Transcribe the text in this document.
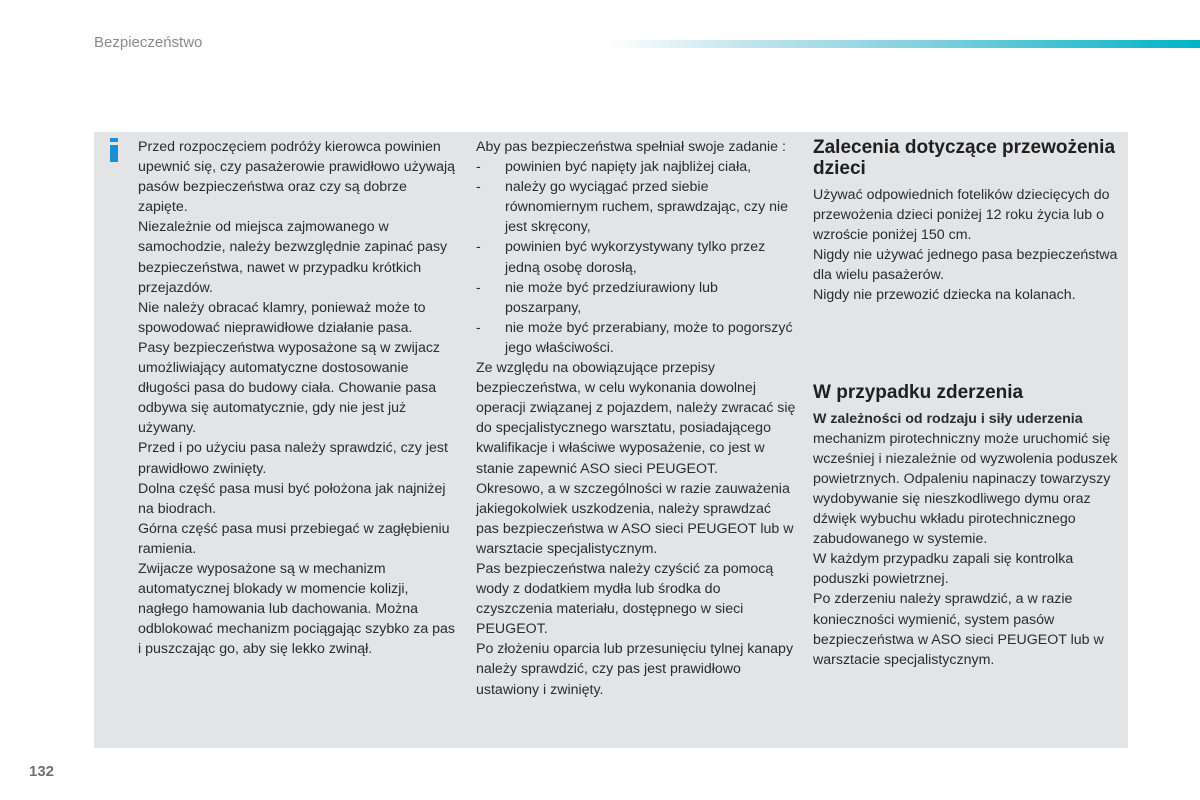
Bezpieczeństwo

Przed rozpoczęciem podróży kierowca powinien upewnić się, czy pasażerowie prawidłowo używają pasów bezpieczeństwa oraz czy są dobrze zapięte.

Niezależnie od miejsca zajmowanego w samochodzie, należy bezwzględnie zapinać pasy bezpieczeństwa, nawet w przypadku krótkich przejazdów.

Nie należy obracać klamry, ponieważ może to spowodować nieprawidłowe działanie pasa.

Pasy bezpieczeństwa wyposażone są w zwijacz umożliwiający automatyczne dostosowanie długości pasa do budowy ciała. Chowanie pasa odbywa się automatycznie, gdy nie jest już używany.

Przed i po użyciu pasa należy sprawdzić, czy jest prawidłowo zwinięty.

Dolna część pasa musi być położona jak najniżej na biodrach.

Górna część pasa musi przebiegać w zagłębieniu ramienia.

Zwijacze wyposażone są w mechanizm automatycznej blokady w momencie kolizji, nagłego hamowania lub dachowania. Można odblokować mechanizm pociągając szybko za pas i puszczając go, aby się lekko zwinął.

Aby pas bezpieczeństwa spełniał swoje zadanie :

- powinien być napięty jak najbliżej ciała,
- należy go wyciągać przed siebie równomiernym ruchem, sprawdzając, czy nie jest skręcony,
- powinien być wykorzystywany tylko przez jedną osobę dorosłą,
- nie może być przedziurawiony lub poszarpany,
- nie może być przerabiany, może to pogorszyć jego właściwości.

Ze względu na obowiązujące przepisy bezpieczeństwa, w celu wykonania dowolnej operacji związanej z pojazdem, należy zwracać się do specjalistycznego warsztatu, posiadającego kwalifikacje i właściwe wyposażenie, co jest w stanie zapewnić ASO sieci PEUGEOT.

Okresowo, a w szczególności w razie zauważenia jakiegokolwiek uszkodzenia, należy sprawdzać pas bezpieczeństwa w ASO sieci PEUGEOT lub w warsztacie specjalistycznym.

Pas bezpieczeństwa należy czyścić za pomocą wody z dodatkiem mydła lub środka do czyszczenia materiału, dostępnego w sieci PEUGEOT.

Po złożeniu oparcia lub przesunięciu tylnej kanapy należy sprawdzić, czy pas jest prawidłowo ustawiony i zwinięty.

Zalecenia dotyczące przewożenia dzieci

Używać odpowiednich fotelików dziecięcych do przewożenia dzieci poniżej 12 roku życia lub o wzroście poniżej 150 cm.

Nigdy nie używać jednego pasa bezpieczeństwa dla wielu pasażerów.

Nigdy nie przewozić dziecka na kolanach.

W przypadku zderzenia

W zależności od rodzaju i siły uderzenia mechanizm pirotechniczny może uruchomić się wcześniej i niezależnie od wyzwolenia poduszek powietrznych. Odpaleniu napinaczy towarzyszy wydobywanie się nieszkodliwego dymu oraz dźwięk wybuchu wkładu pirotechnicznego zabudowanego w systemie.

W każdym przypadku zapali się kontrolka poduszki powietrznej.

Po zderzeniu należy sprawdzić, a w razie konieczności wymienić, system pasów bezpieczeństwa w ASO sieci PEUGEOT lub w warsztacie specjalistycznym.

132
